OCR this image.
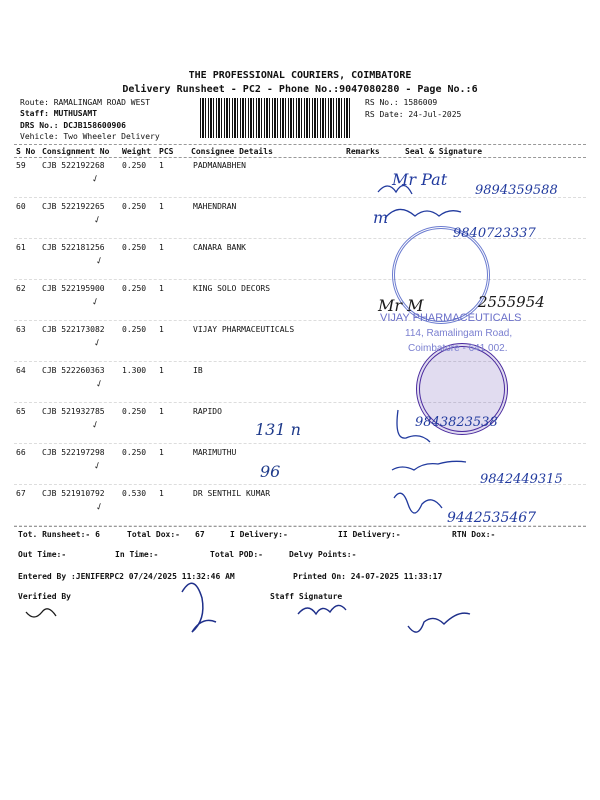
THE PROFESSIONAL COURIERS, COIMBATORE
Delivery Runsheet - PC2 - Phone No.:9047080280 - Page No.:6
Route: RAMALINGAM ROAD WEST
Staff: MUTHUSAMT
DRS No.: DCJB158600906
Vehicle: Two Wheeler Delivery
RS No.: 1586009
RS Date: 24-Jul-2025
S No Consignment No Weight PCS Consignee Details	Remarks	Seal & Signature
59 CJB 522192268 0.250 1	PADMANABHEN
✓
60 CJB 522192265 0.250 1	MAHENDRAN
✓
61 CJB 522181256 0.250 1	CANARA BANK
✓
62 CJB 522195900 0.250 1	KING SOLO DECORS
✓
63 CJB 522173082 0.250 1	VIJAY PHARMACEUTICALS
✓
64 CJB 522260363 1.300 1	IB
✓
65 CJB 521932785 0.250 1	RAPIDO
✓
66 CJB 522197298 0.250 1	MARIMUTHU
✓
67 CJB 521910792 0.530 1	DR SENTHIL KUMAR
✓
VIJAY PHARMACEUTICALS
114, Ramalingam Road,
Coimbatore - 641 002.
Mr Pat
9894359588
m
9840723337
Mr M	2555954
131 n	9843823538
96	9842449315
9442535467
Tot. Runsheet:- 6	Total Dox:- 67	I Delivery:-	II Delivery:-	RTN Dox:-
Out Time:-	In Time:-	Total POD:-	Delvy Points:-
Entered By :JENIFERPC2 07/24/2025 11:32:46 AM	Printed On: 24-07-2025 11:33:17
Verified By	Staff Signature
